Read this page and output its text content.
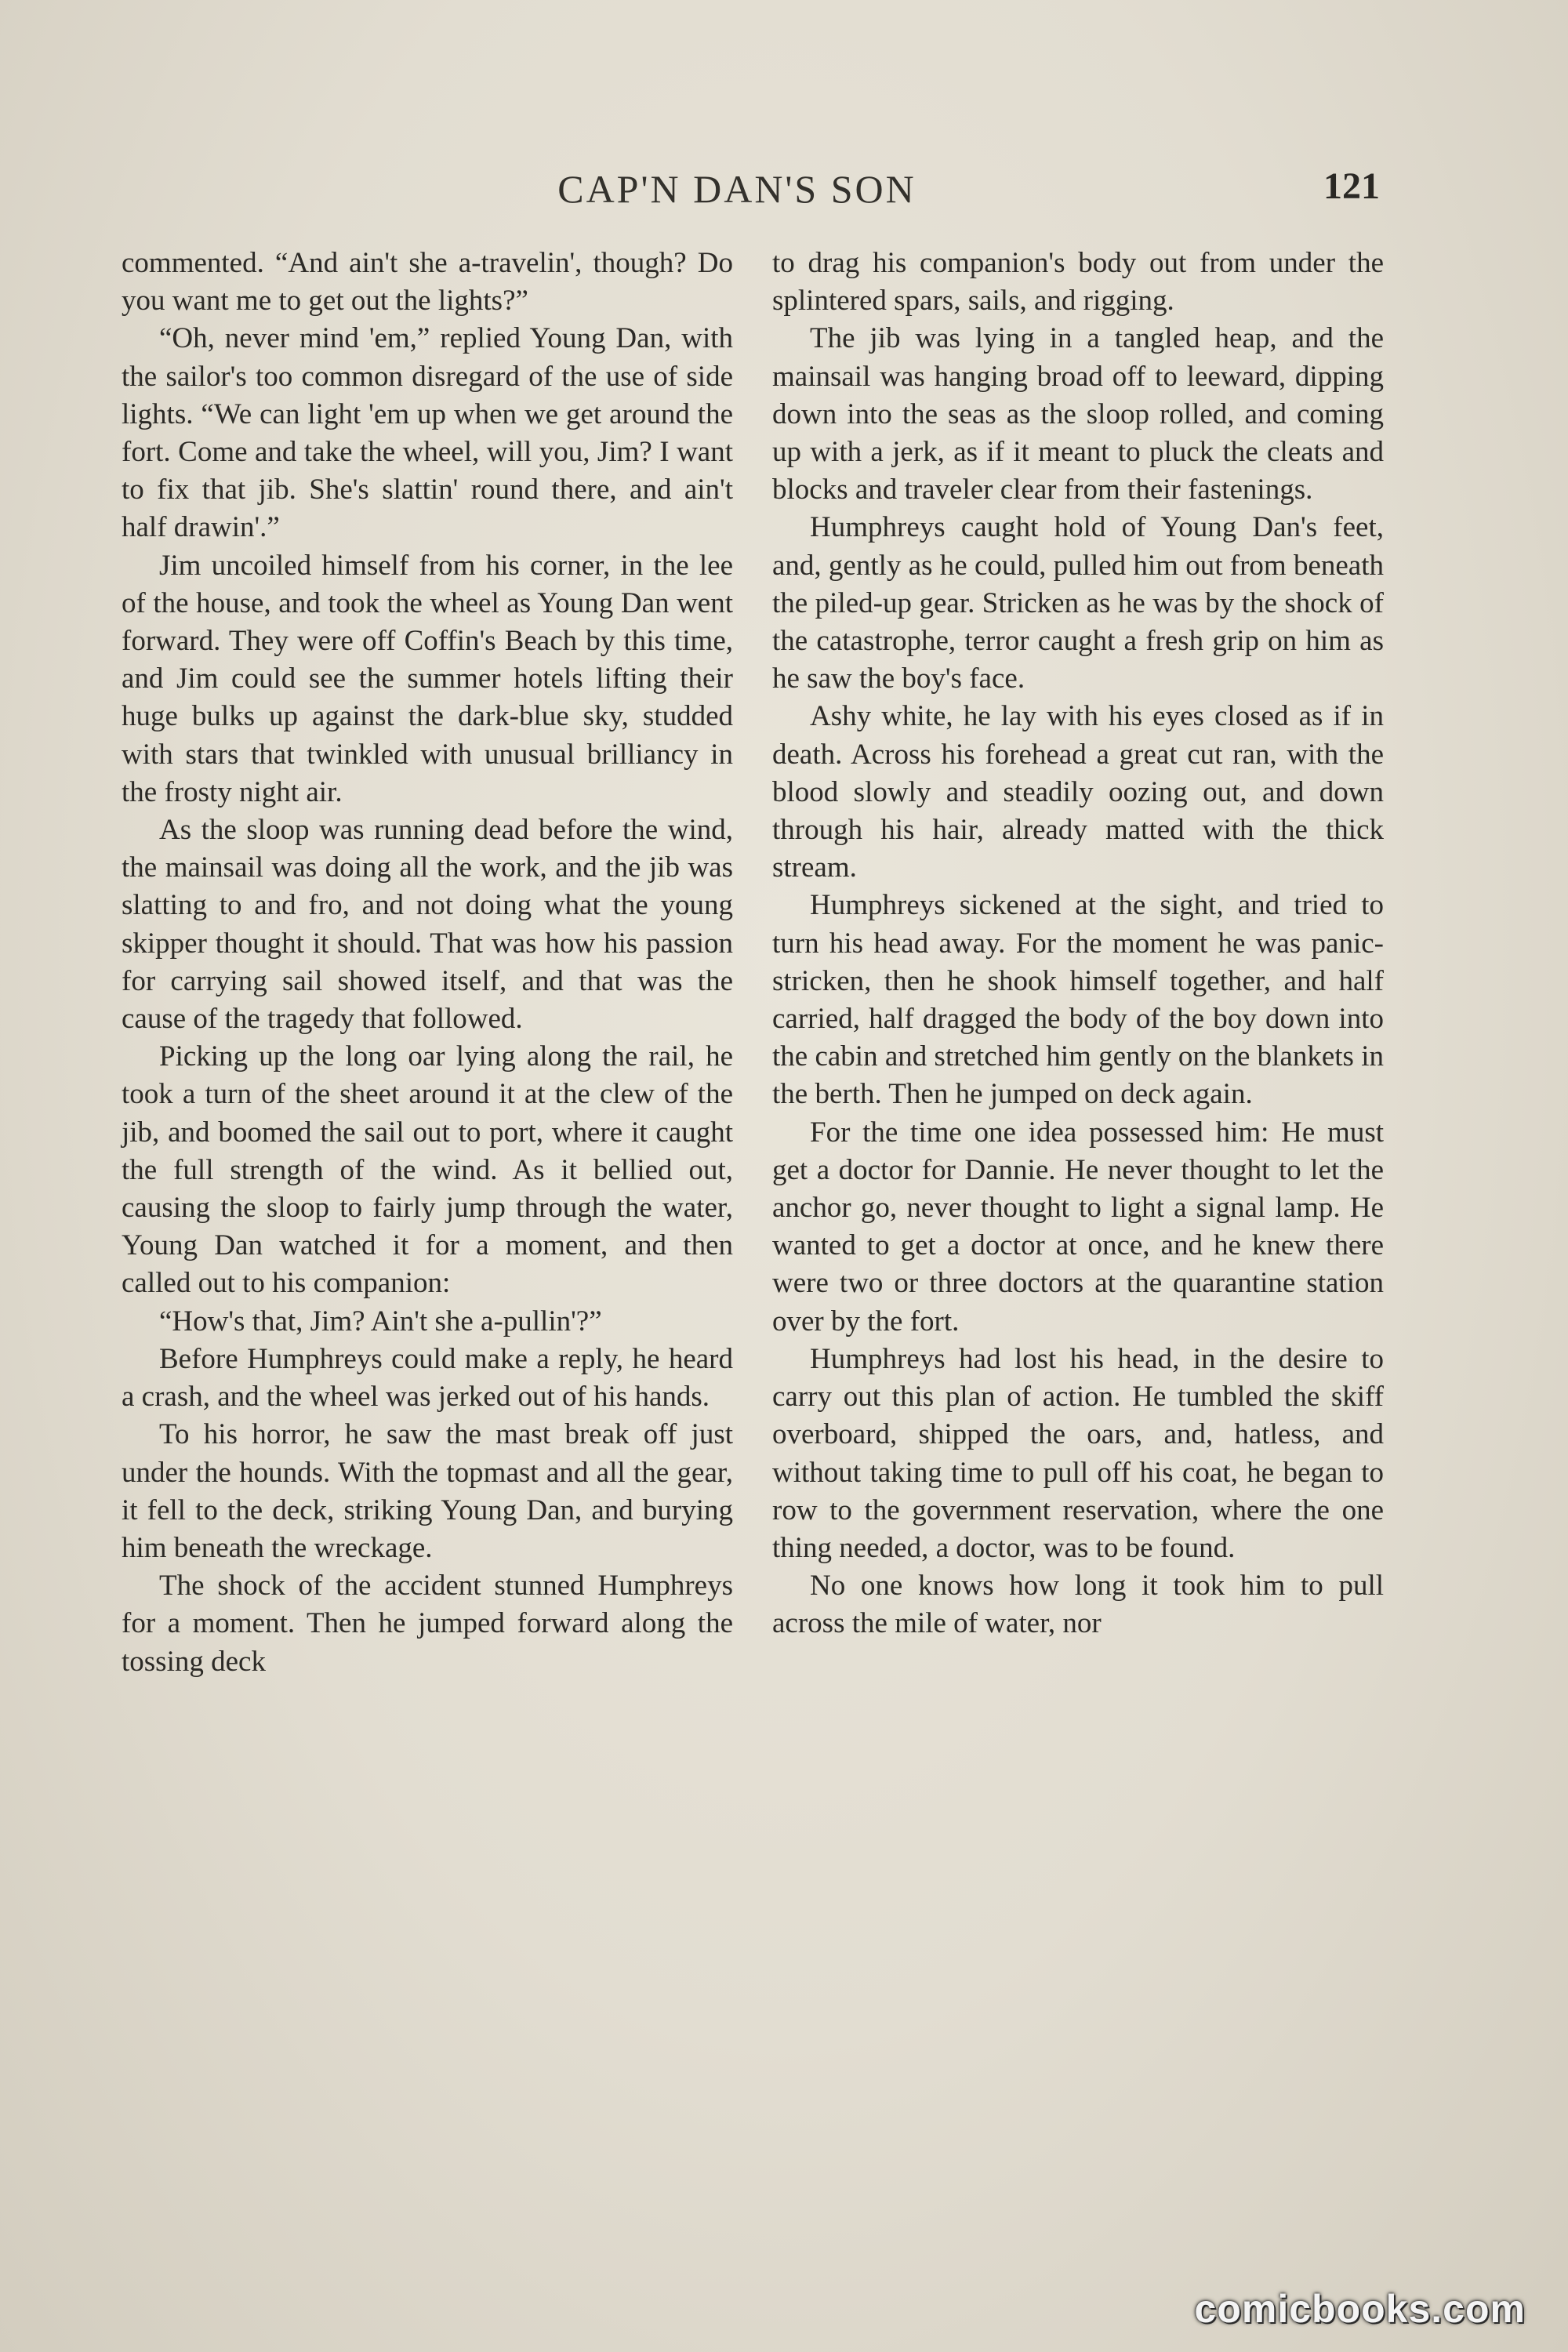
CAP'N DAN'S SON	121

commented. “And ain't she a-travelin', though? Do you want me to get out the lights?”

“Oh, never mind 'em,” replied Young Dan, with the sailor's too common disregard of the use of side lights. “We can light 'em up when we get around the fort. Come and take the wheel, will you, Jim? I want to fix that jib. She's slattin' round there, and ain't half drawin'.”

Jim uncoiled himself from his corner, in the lee of the house, and took the wheel as Young Dan went forward. They were off Coffin's Beach by this time, and Jim could see the summer hotels lifting their huge bulks up against the dark-blue sky, studded with stars that twinkled with unusual brilliancy in the frosty night air.

As the sloop was running dead before the wind, the mainsail was doing all the work, and the jib was slatting to and fro, and not doing what the young skipper thought it should. That was how his passion for carrying sail showed itself, and that was the cause of the tragedy that followed.

Picking up the long oar lying along the rail, he took a turn of the sheet around it at the clew of the jib, and boomed the sail out to port, where it caught the full strength of the wind. As it bellied out, causing the sloop to fairly jump through the water, Young Dan watched it for a moment, and then called out to his companion:

“How's that, Jim? Ain't she a-pullin'?”

Before Humphreys could make a reply, he heard a crash, and the wheel was jerked out of his hands.

To his horror, he saw the mast break off just under the hounds. With the topmast and all the gear, it fell to the deck, striking Young Dan, and burying him beneath the wreckage.

The shock of the accident stunned Humphreys for a moment. Then he jumped forward along the tossing deck

to drag his companion's body out from under the splintered spars, sails, and rigging.

The jib was lying in a tangled heap, and the mainsail was hanging broad off to leeward, dipping down into the seas as the sloop rolled, and coming up with a jerk, as if it meant to pluck the cleats and blocks and traveler clear from their fastenings.

Humphreys caught hold of Young Dan's feet, and, gently as he could, pulled him out from beneath the piled-up gear. Stricken as he was by the shock of the catastrophe, terror caught a fresh grip on him as he saw the boy's face.

Ashy white, he lay with his eyes closed as if in death. Across his forehead a great cut ran, with the blood slowly and steadily oozing out, and down through his hair, already matted with the thick stream.

Humphreys sickened at the sight, and tried to turn his head away. For the moment he was panic-stricken, then he shook himself together, and half carried, half dragged the body of the boy down into the cabin and stretched him gently on the blankets in the berth. Then he jumped on deck again.

For the time one idea possessed him: He must get a doctor for Dannie. He never thought to let the anchor go, never thought to light a signal lamp. He wanted to get a doctor at once, and he knew there were two or three doctors at the quarantine station over by the fort.

Humphreys had lost his head, in the desire to carry out this plan of action. He tumbled the skiff overboard, shipped the oars, and, hatless, and without taking time to pull off his coat, he began to row to the government reservation, where the one thing needed, a doctor, was to be found.

No one knows how long it took him to pull across the mile of water, nor

comicbooks.com
